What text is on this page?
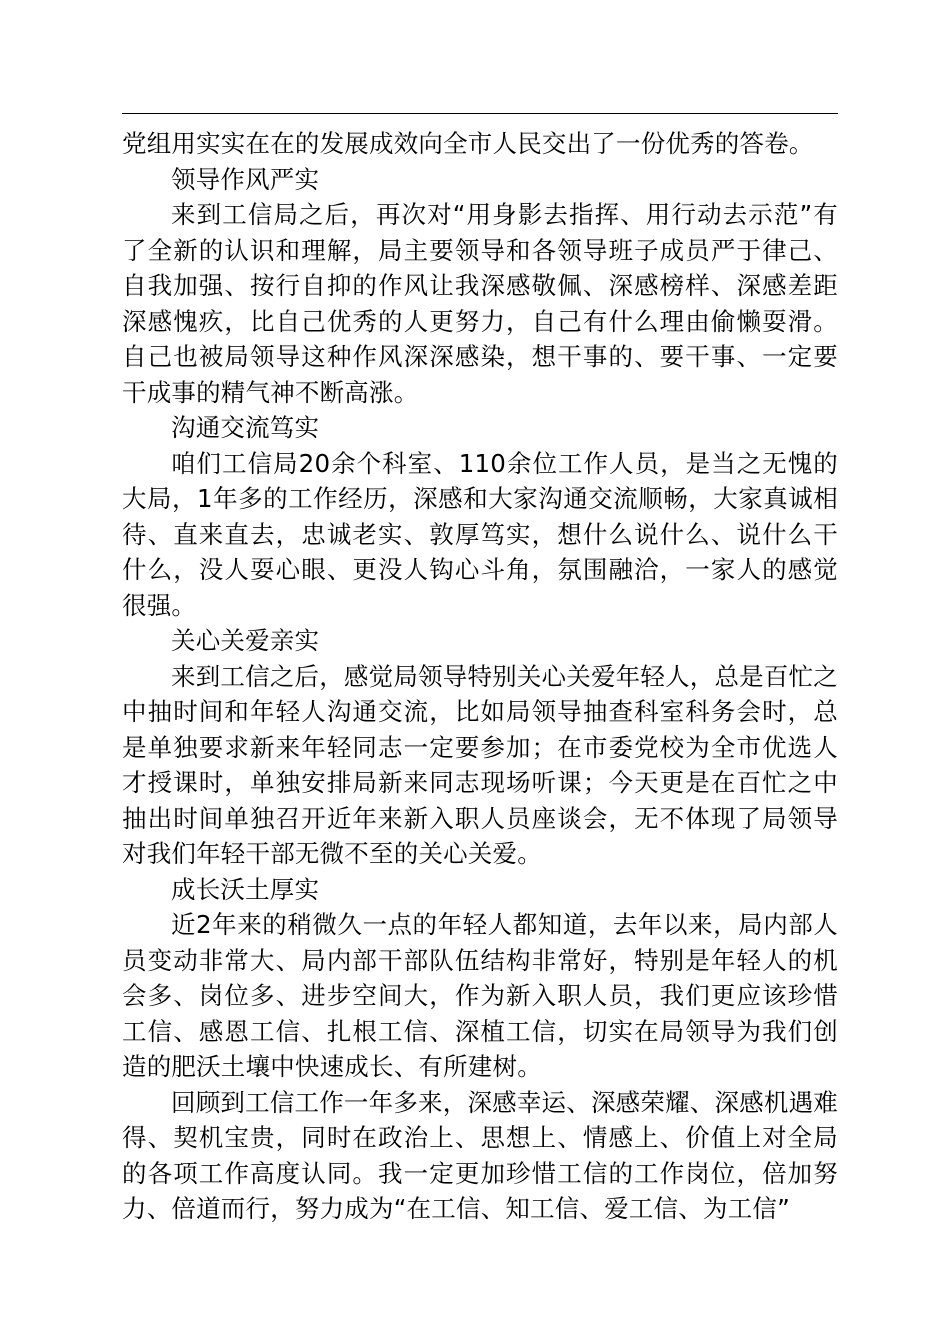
党组用实实在在的发展成效向全市人民交出了一份优秀的答卷。

领导作风严实

来到工信局之后，再次对“用身影去指挥、用行动去示范”有了全新的认识和理解，局主要领导和各领导班子成员严于律己、自我加强、按行自抑的作风让我深感敬佩、深感榜样、深感差距深感愧疚，比自己优秀的人更努力，自己有什么理由偷懒耍滑。自己也被局领导这种作风深深感染，想干事的、要干事、一定要干成事的精气神不断高涨。

沟通交流笃实

咱们工信局20余个科室、110余位工作人员，是当之无愧的大局，1年多的工作经历，深感和大家沟通交流顺畅，大家真诚相待、直来直去，忠诚老实、敦厚笃实，想什么说什么、说什么干什么，没人耍心眼、更没人钩心斗角，氛围融洽，一家人的感觉很强。

关心关爱亲实

来到工信之后，感觉局领导特别关心关爱年轻人，总是百忙之中抽时间和年轻人沟通交流，比如局领导抽查科室科务会时，总是单独要求新来年轻同志一定要参加；在市委党校为全市优选人才授课时，单独安排局新来同志现场听课；今天更是在百忙之中抽出时间单独召开近年来新入职人员座谈会，无不体现了局领导对我们年轻干部无微不至的关心关爱。

成长沃土厚实

近2年来的稍微久一点的年轻人都知道，去年以来，局内部人员变动非常大、局内部干部队伍结构非常好，特别是年轻人的机会多、岗位多、进步空间大，作为新入职人员，我们更应该珍惜工信、感恩工信、扎根工信、深植工信，切实在局领导为我们创造的肥沃土壤中快速成长、有所建树。

回顾到工信工作一年多来，深感幸运、深感荣耀、深感机遇难得、契机宝贵，同时在政治上、思想上、情感上、价值上对全局的各项工作高度认同。我一定更加珍惜工信的工作岗位，倍加努力、倍道而行，努力成为“在工信、知工信、爱工信、为工信”
